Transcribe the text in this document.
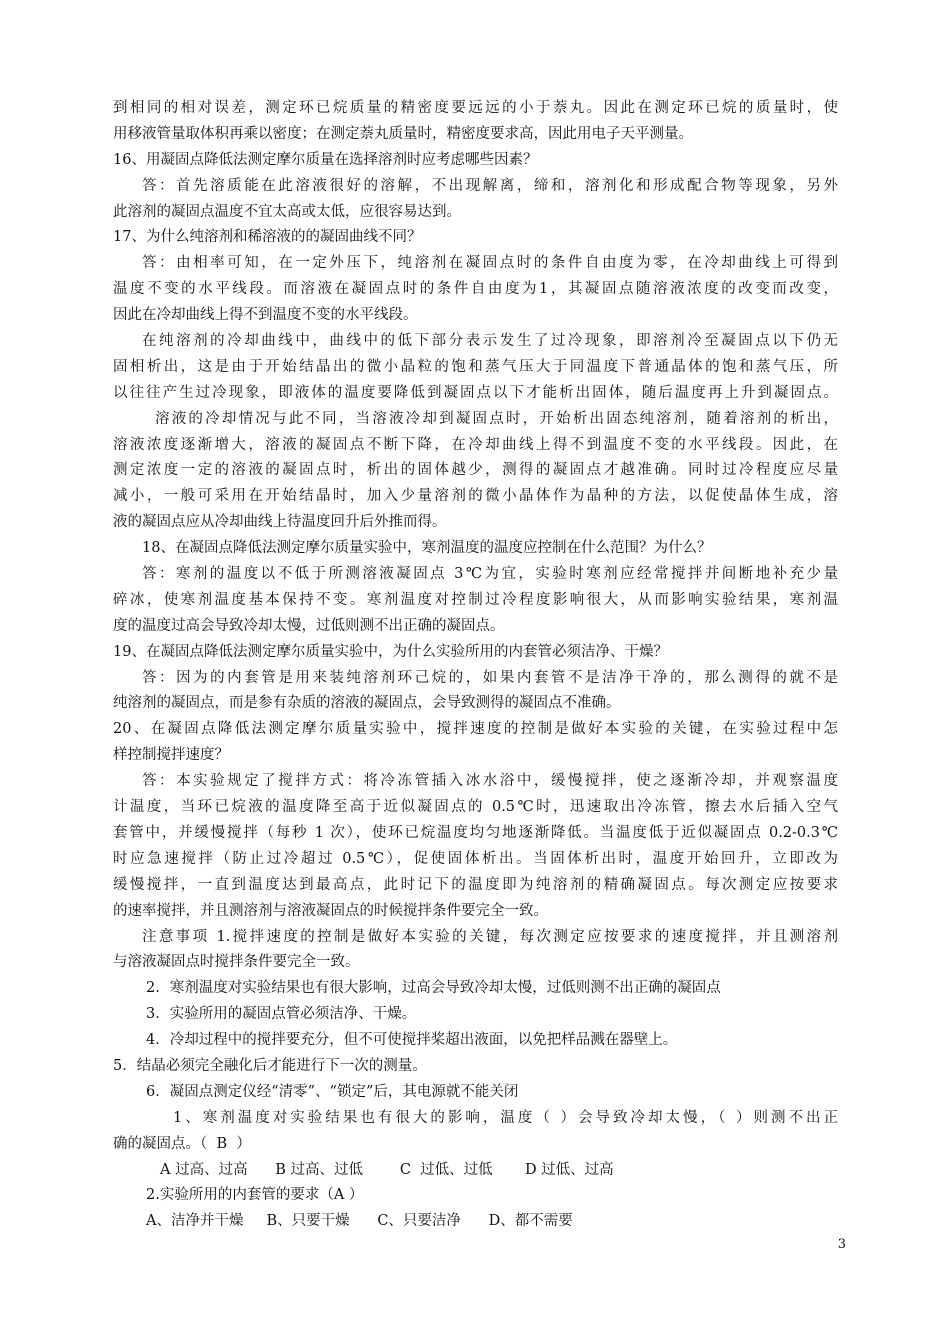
到相同的相对误差，测定环已烷质量的精密度要远远的小于萘丸。因此在测定环已烷的质量时，使
用移液管量取体积再乘以密度；在测定萘丸质量时，精密度要求高，因此用电子天平测量。
16、用凝固点降低法测定摩尔质量在选择溶剂时应考虑哪些因素？
答：首先溶质能在此溶液很好的溶解，不出现解离，缔和，溶剂化和形成配合物等现象，另外
此溶剂的凝固点温度不宜太高或太低，应很容易达到。
17、为什么纯溶剂和稀溶液的的凝固曲线不同？
答：由相率可知，在一定外压下，纯溶剂在凝固点时的条件自由度为零，在冷却曲线上可得到
温度不变的水平线段。而溶液在凝固点时的条件自由度为1，其凝固点随溶液浓度的改变而改变，
因此在冷却曲线上得不到温度不变的水平线段。
在纯溶剂的冷却曲线中，曲线中的低下部分表示发生了过冷现象，即溶剂冷至凝固点以下仍无
固相析出，这是由于开始结晶出的微小晶粒的饱和蒸气压大于同温度下普通晶体的饱和蒸气压，所
以往往产生过冷现象，即液体的温度要降低到凝固点以下才能析出固体，随后温度再上升到凝固点。
溶液的冷却情况与此不同，当溶液冷却到凝固点时，开始析出固态纯溶剂，随着溶剂的析出，
溶液浓度逐渐增大，溶液的凝固点不断下降，在冷却曲线上得不到温度不变的水平线段。因此，在
测定浓度一定的溶液的凝固点时，析出的固体越少，测得的凝固点才越准确。同时过冷程度应尽量
减小，一般可采用在开始结晶时，加入少量溶剂的微小晶体作为晶种的方法，以促使晶体生成，溶
液的凝固点应从冷却曲线上待温度回升后外推而得。
18、在凝固点降低法测定摩尔质量实验中，寒剂温度的温度应控制在什么范围？为什么？
答：寒剂的温度以不低于所测溶液凝固点 3℃为宜，实验时寒剂应经常搅拌并间断地补充少量
碎冰，使寒剂温度基本保持不变。寒剂温度对控制过冷程度影响很大，从而影响实验结果，寒剂温
度的温度过高会导致冷却太慢，过低则测不出正确的凝固点。
19、在凝固点降低法测定摩尔质量实验中，为什么实验所用的内套管必须洁净、干燥？
答：因为的内套管是用来装纯溶剂环己烷的，如果内套管不是洁净干净的，那么测得的就不是
纯溶剂的凝固点，而是参有杂质的溶液的凝固点，会导致测得的凝固点不准确。
20、在凝固点降低法测定摩尔质量实验中，搅拌速度的控制是做好本实验的关键，在实验过程中怎
样控制搅拌速度？
答：本实验规定了搅拌方式：将冷冻管插入冰水浴中，缓慢搅拌，使之逐渐冷却，并观察温度
计温度，当环已烷液的温度降至高于近似凝固点的 0.5℃时，迅速取出冷冻管，擦去水后插入空气
套管中，并缓慢搅拌（每秒 1 次），使环已烷温度均匀地逐渐降低。当温度低于近似凝固点 0.2-0.3℃
时应急速搅拌（防止过冷超过 0.5℃），促使固体析出。当固体析出时，温度开始回升，立即改为
缓慢搅拌，一直到温度达到最高点，此时记下的温度即为纯溶剂的精确凝固点。每次测定应按要求
的速率搅拌，并且测溶剂与溶液凝固点的时候搅拌条件要完全一致。
注意事项 1.搅拌速度的控制是做好本实验的关键，每次测定应按要求的速度搅拌，并且测溶剂
与溶液凝固点时搅拌条件要完全一致。
2．寒剂温度对实验结果也有很大影响，过高会导致冷却太慢，过低则测不出正确的凝固点
3．实验所用的凝固点管必须洁净、干燥。
4．冷却过程中的搅拌要充分，但不可使搅拌桨超出液面，以免把样品溅在器壁上。
5．结晶必须完全融化后才能进行下一次的测量。
6．凝固点测定仪经“清零”、“锁定”后，其电源就不能关闭
1、寒剂温度对实验结果也有很大的影响，温度（ ）会导致冷却太慢，（ ）则测不出正
确的凝固点。（  B  ）
A 过高、过高      B 过高、过低        C  过低、过低       D 过低、过高
2.实验所用的内套管的要求（A ）
A、洁净并干燥     B、只要干燥      C、只要洁净      D、都不需要
3
